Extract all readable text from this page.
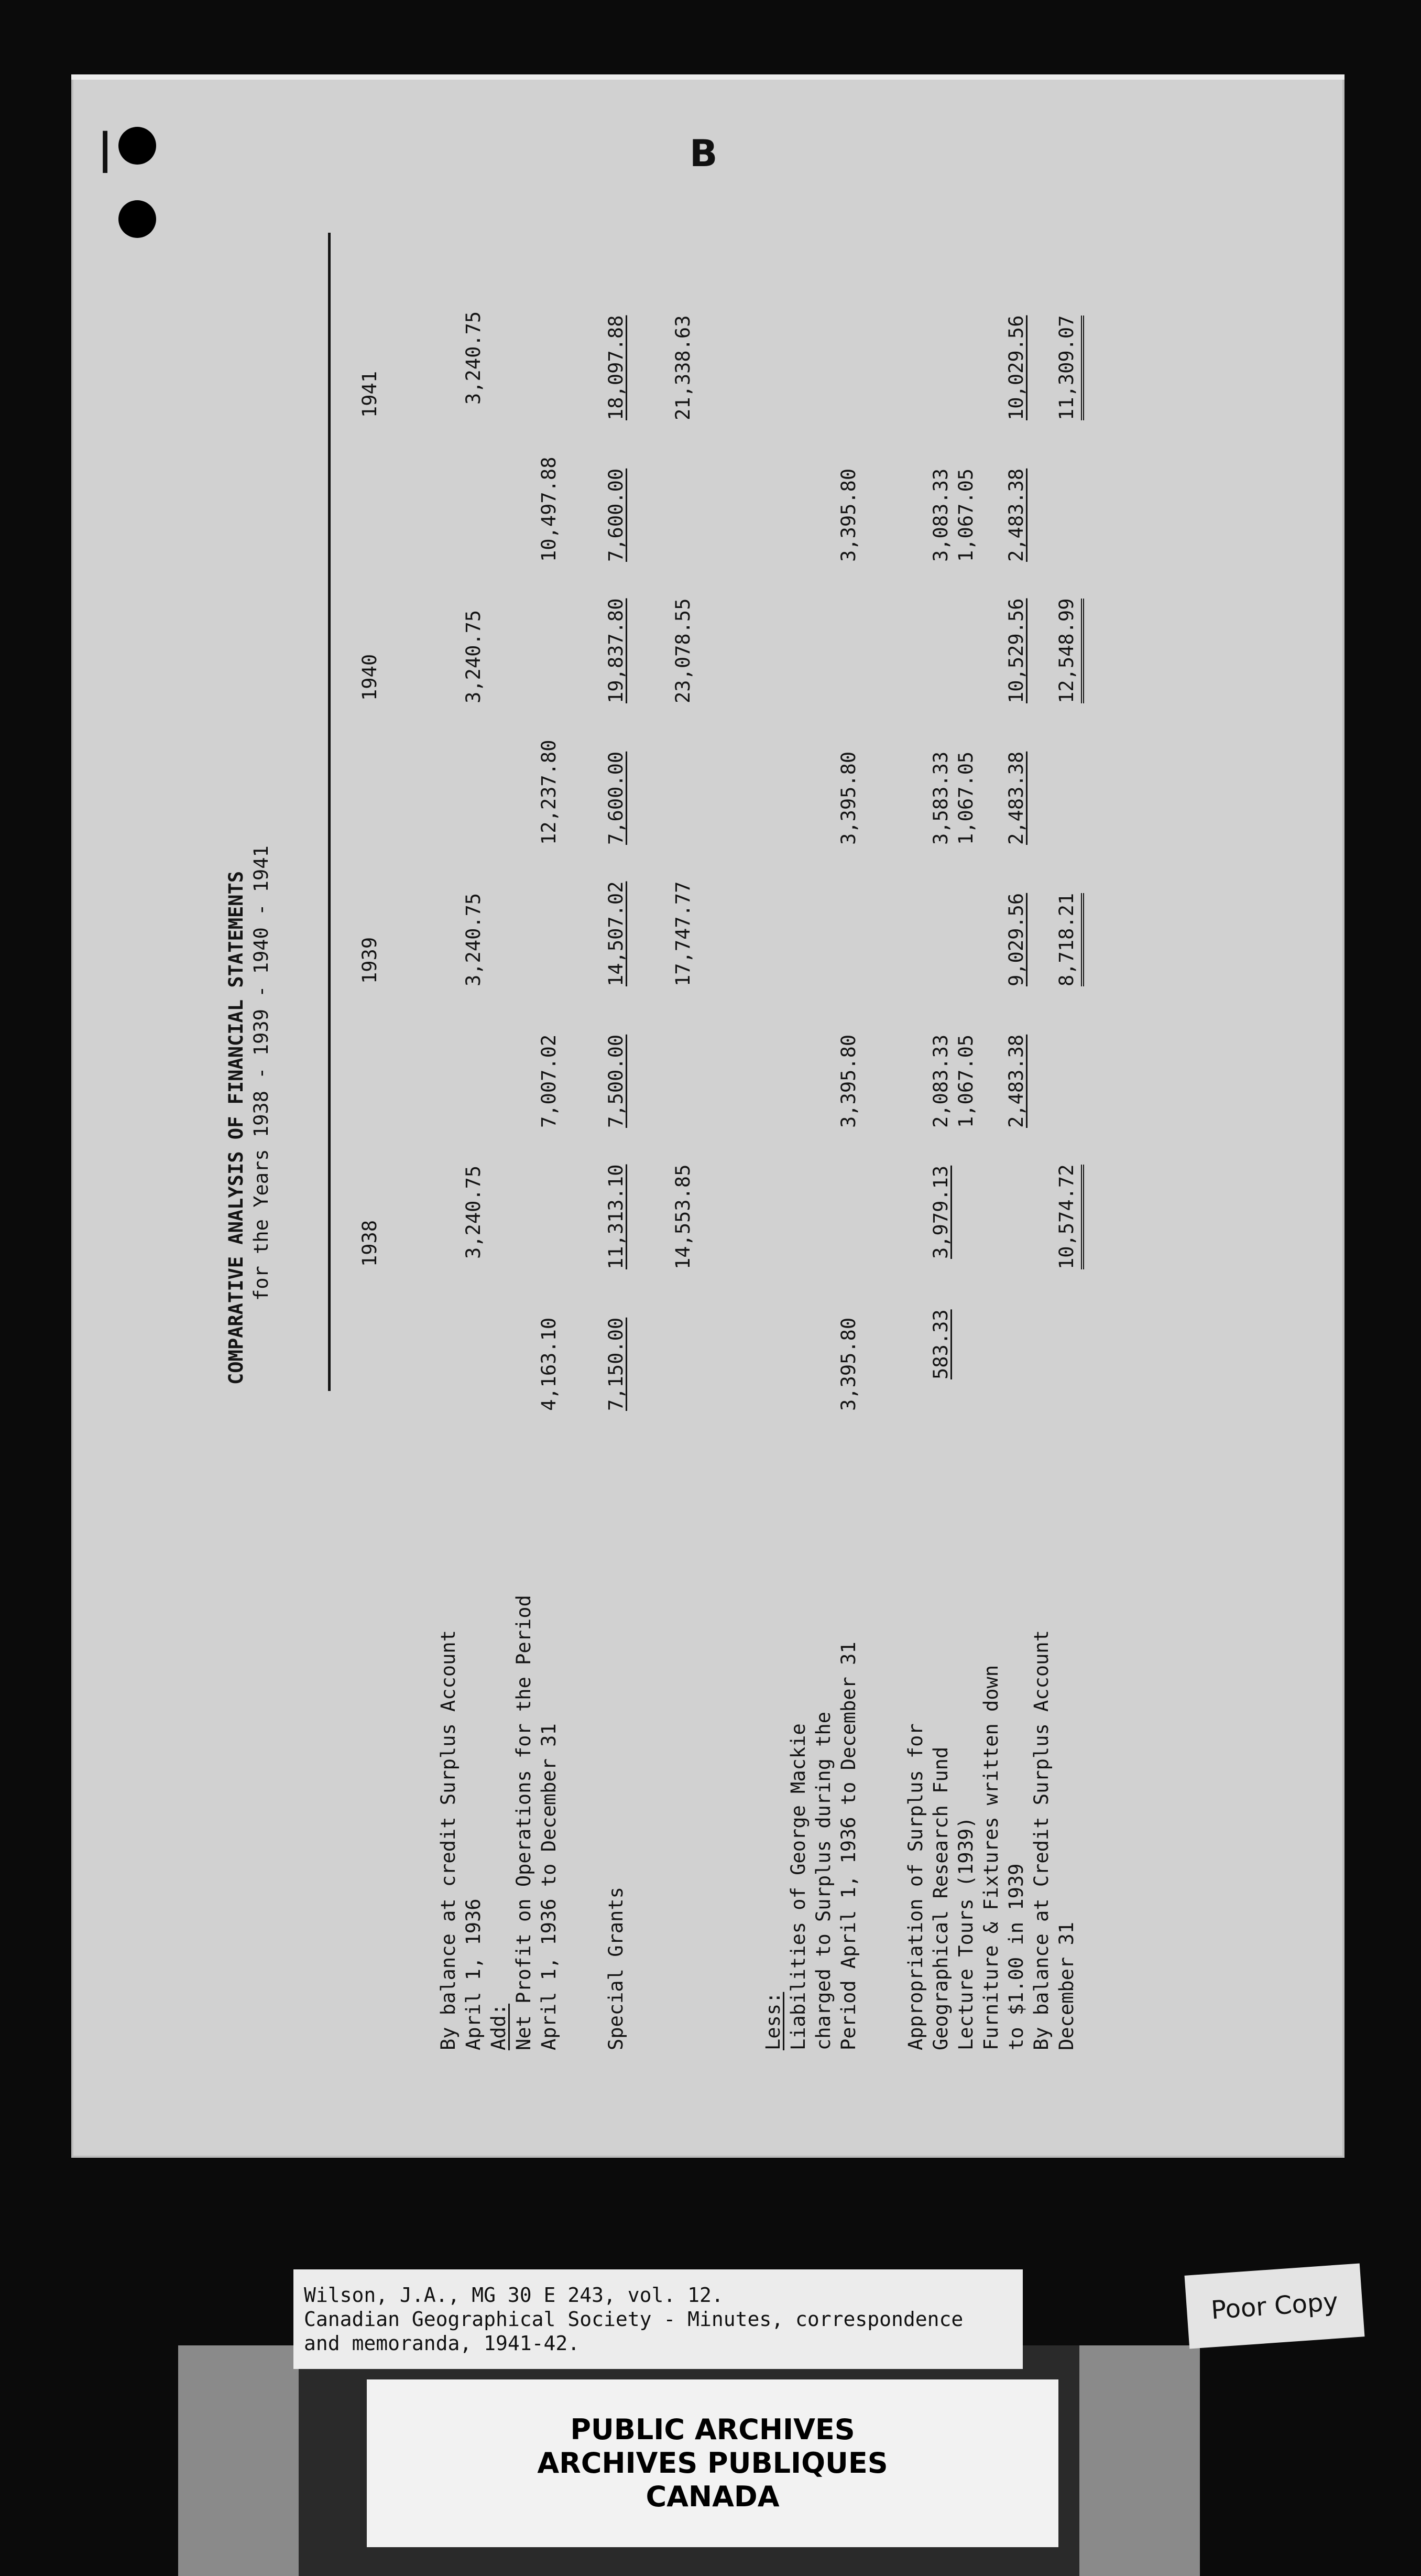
|	B
COMPARATIVE ANALYSIS OF FINANCIAL STATEMENTS for the Years 1938 - 1939 - 1940 - 1941	1938
1939
1940
1941
By balance at credit Surplus Account April 1, 1936
3,240.75
3,240.75
3,240.75
3,240.75
Add: Net Profit on Operations for the Period April 1, 1936 to December 31
4,163.10
7,007.02
12,237.80
10,497.88
Special Grants
7,150.00
11,313.10
7,500.00
14,507.02
7,600.00
19,837.80
7,600.00
18,097.88
14,553.85
17,747.77
23,078.55
21,338.63
Less: Liabilities of George Mackie charged to Surplus during the Period April 1, 1936 to December 31
3,395.80
3,395.80
3,395.80
3,395.80
Appropriation of Surplus for Geographical Research Fund
583.33
3,979.13
2,083.33
3,583.33
3,083.33
Lecture Tours (1939)
1,067.05
1,067.05
1,067.05
Furniture & Fixtures written down to $1.00 in 1939
2,483.38
9,029.56
2,483.38
10,529.56
2,483.38
10,029.56
By balance at Credit Surplus Account December 31
10,574.72
8,718.21
12,548.99
11,309.07
Wilson, J.A., MG 30 E 243, vol. 12.
Canadian Geographical Society - Minutes, correspondence
and memoranda, 1941-42.
Poor Copy
PUBLIC ARCHIVES
ARCHIVES PUBLIQUES
CANADA
